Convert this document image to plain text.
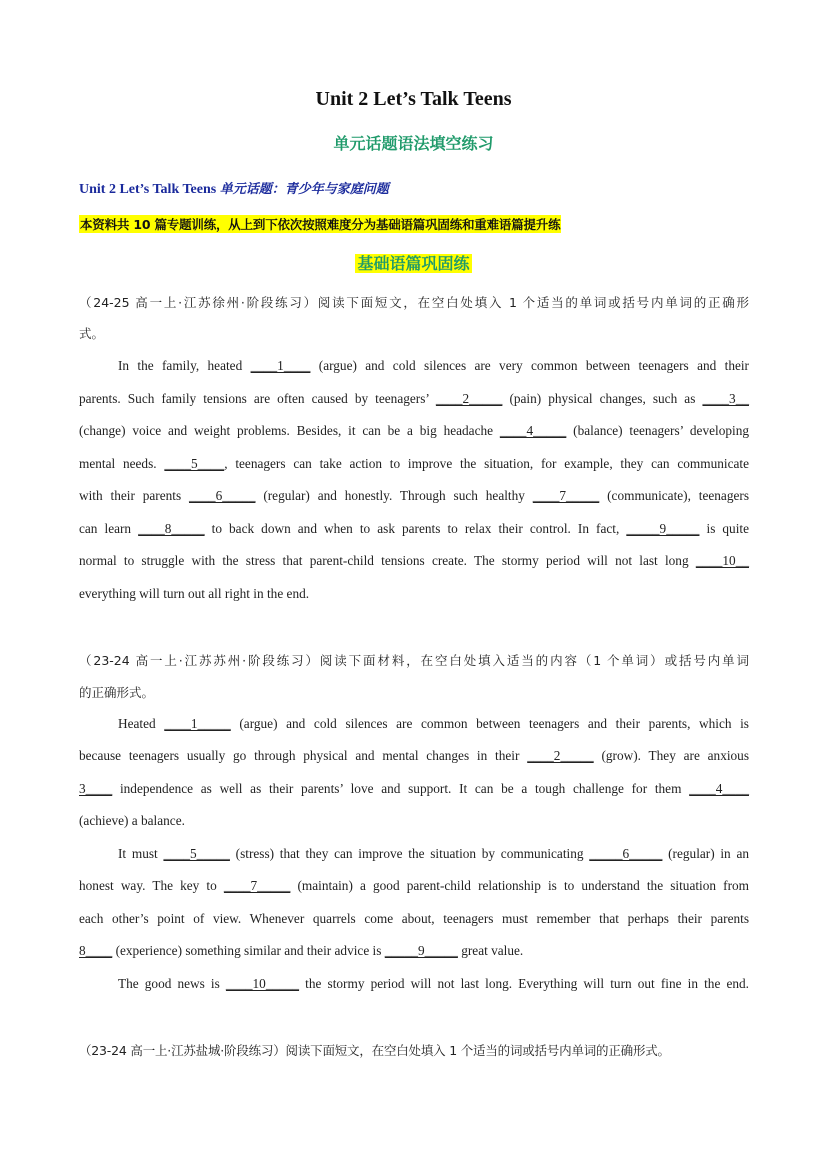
Unit 2 Let’s Talk Teens
单元话题语法填空练习
Unit 2 Let’s Talk Teens 单元话题：青少年与家庭问题
本资料共 10 篇专题训练，从上到下依次按照难度分为基础语篇巩固练和重难语篇提升练
基础语篇巩固练
（24-25 高一上·江苏徐州·阶段练习）阅读下面短文，在空白处填入 1 个适当的单词或括号内单词的正确形
式。
In the family, heated ____1____ (argue) and cold silences are very common between teenagers and their
parents. Such family tensions are often caused by teenagers’ ____2_____ (pain) physical changes, such as ____3__
(change) voice and weight problems. Besides, it can be a big headache ____4_____ (balance) teenagers’ developing
mental needs. ____5____, teenagers can take action to improve the situation, for example, they can communicate
with their parents ____6_____ (regular) and honestly. Through such healthy ____7_____ (communicate), teenagers
can learn ____8_____ to back down and when to ask parents to relax their control. In fact, _____9_____ is quite
normal to struggle with the stress that parent-child tensions create. The stormy period will not last long ____10__
everything will turn out all right in the end.
（23-24 高一上·江苏苏州·阶段练习）阅读下面材料，在空白处填入适当的内容（1 个单词）或括号内单词
的正确形式。
Heated ____1_____ (argue) and cold silences are common between teenagers and their parents, which is
because teenagers usually go through physical and mental changes in their ____2_____ (grow). They are anxious
3____ independence as well as their parents’ love and support. It can be a tough challenge for them ____4____
(achieve) a balance.
It must ____5_____ (stress) that they can improve the situation by communicating _____6_____ (regular) in an
honest way. The key to ____7_____ (maintain) a good parent-child relationship is to understand the situation from
each other’s point of view. Whenever quarrels come about, teenagers must remember that perhaps their parents
8____ (experience) something similar and their advice is _____9_____ great value.
The good news is ____10_____ the stormy period will not last long. Everything will turn out fine in the end.
（23-24 高一上·江苏盐城·阶段练习）阅读下面短文，在空白处填入 1 个适当的词或括号内单词的正确形式。
